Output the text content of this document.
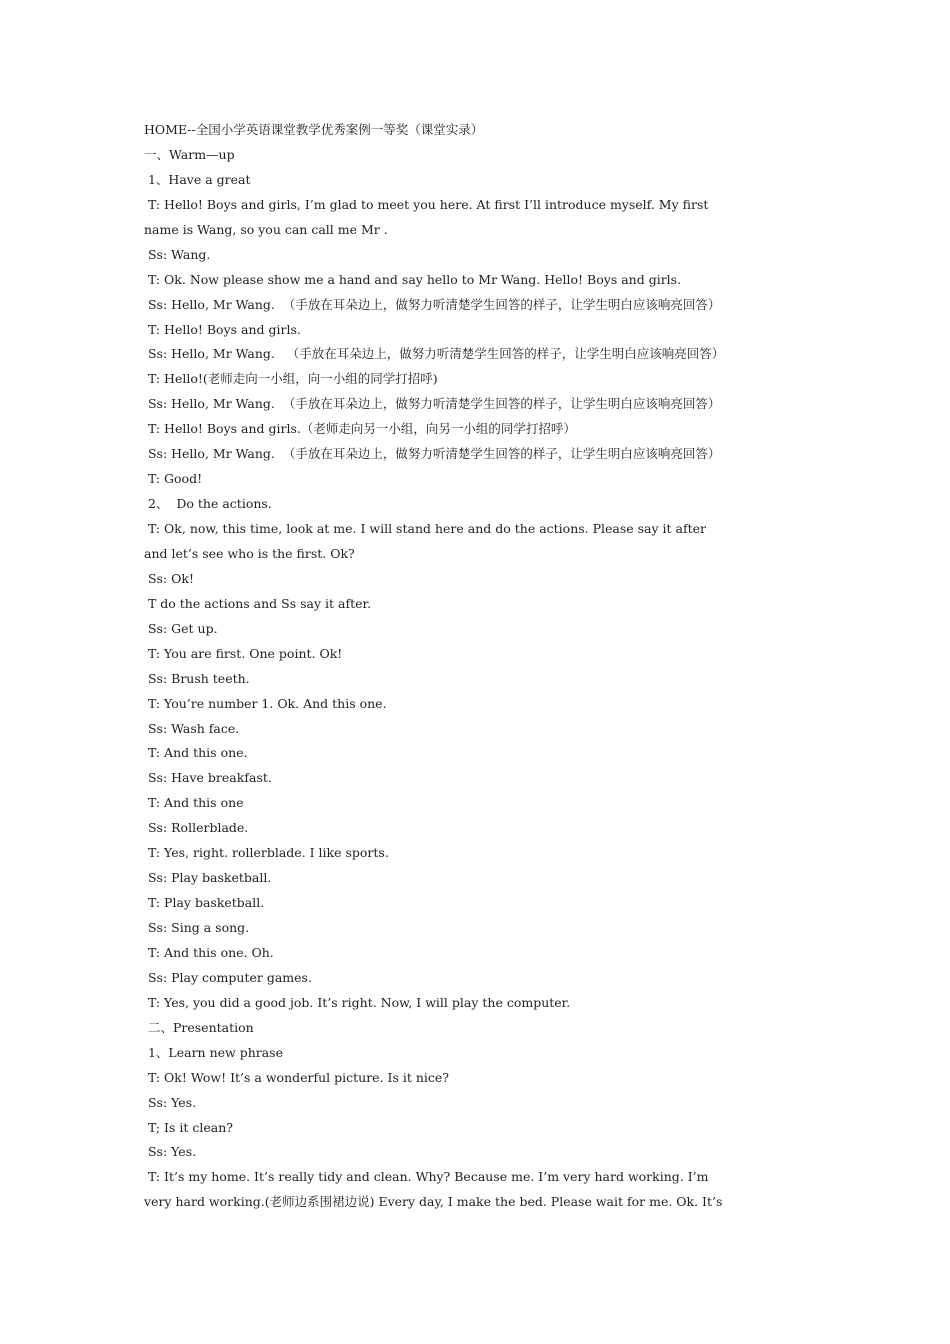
HOME--全国小学英语课堂教学优秀案例一等奖（课堂实录）
一、Warm—up
1、Have a great
T: Hello! Boys and girls, I’m glad to meet you here. At first I’ll introduce myself. My first
name is Wang, so you can call me Mr .
Ss: Wang.
T: Ok. Now please show me a hand and say hello to Mr Wang. Hello! Boys and girls.
Ss: Hello, Mr Wang.  （手放在耳朵边上，做努力听清楚学生回答的样子，让学生明白应该响亮回答）
T: Hello! Boys and girls.
Ss: Hello, Mr Wang.   （手放在耳朵边上，做努力听清楚学生回答的样子，让学生明白应该响亮回答）
T: Hello!(老师走向一小组，向一小组的同学打招呼)
Ss: Hello, Mr Wang.  （手放在耳朵边上，做努力听清楚学生回答的样子，让学生明白应该响亮回答）
T: Hello! Boys and girls.（老师走向另一小组，向另一小组的同学打招呼）
Ss: Hello, Mr Wang.  （手放在耳朵边上，做努力听清楚学生回答的样子，让学生明白应该响亮回答）
T: Good!
2、  Do the actions.
T: Ok, now, this time, look at me. I will stand here and do the actions. Please say it after
and let’s see who is the first. Ok?
Ss: Ok!
T do the actions and Ss say it after.
Ss: Get up.
T: You are first. One point. Ok!
Ss: Brush teeth.
T: You’re number 1. Ok. And this one.
Ss: Wash face.
T: And this one.
Ss: Have breakfast.
T: And this one
Ss: Rollerblade.
T: Yes, right. rollerblade. I like sports.
Ss: Play basketball.
T: Play basketball.
Ss: Sing a song.
T: And this one. Oh.
Ss: Play computer games.
T: Yes, you did a good job. It’s right. Now, I will play the computer.
二、Presentation
1、Learn new phrase
T: Ok! Wow! It’s a wonderful picture. Is it nice?
Ss: Yes.
T; Is it clean?
Ss: Yes.
T: It’s my home. It’s really tidy and clean. Why? Because me. I’m very hard working. I’m
very hard working.(老师边系围裙边说) Every day, I make the bed. Please wait for me. Ok. It’s
